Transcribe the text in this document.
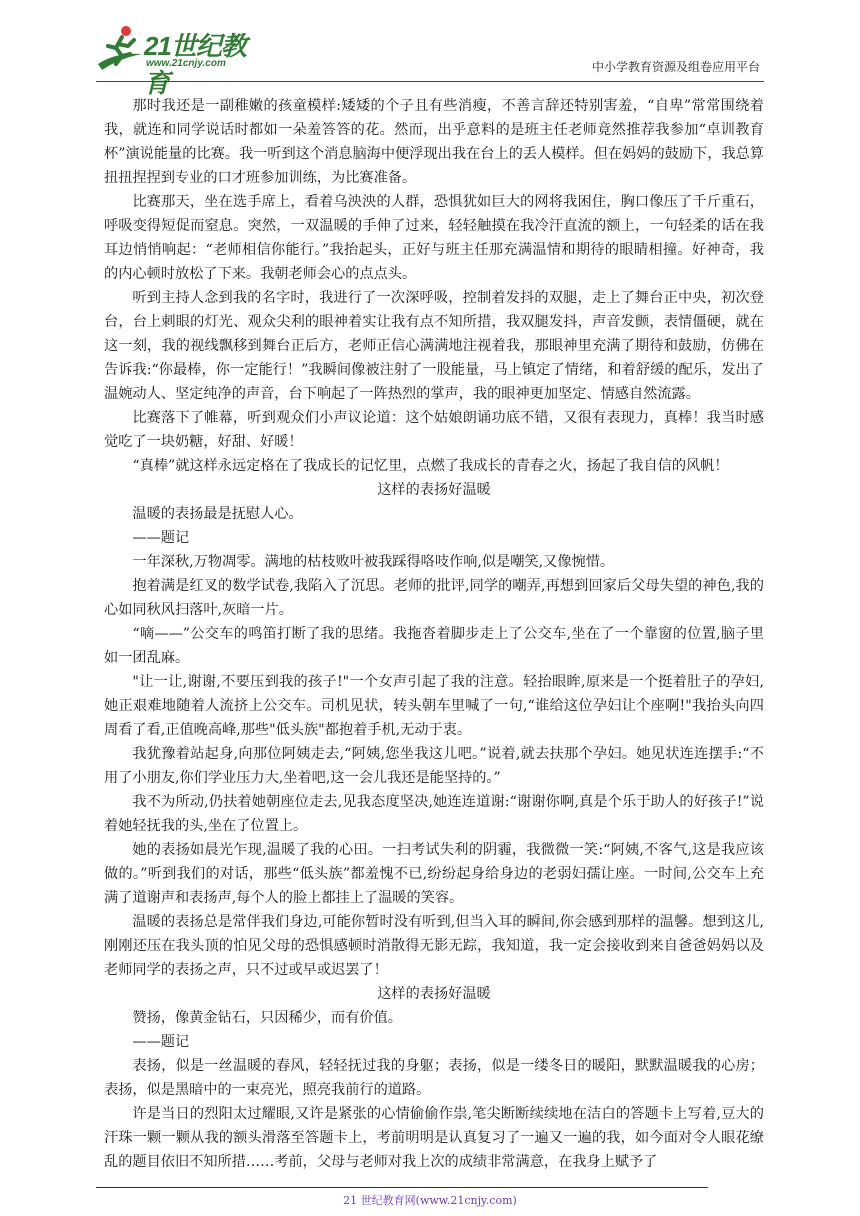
21世纪教育
www.21cnjy.com	中小学教育资源及组卷应用平台

那时我还是一副稚嫩的孩童模样:矮矮的个子且有些消瘦，不善言辞还特别害羞，“自卑”常常围绕着我，就连和同学说话时都如一朵羞答答的花。然而，出乎意料的是班主任老师竟然推荐我参加“卓训教育杯”演说能量的比赛。我一听到这个消息脑海中便浮现出我在台上的丢人模样。但在妈妈的鼓励下，我总算扭扭捏捏到专业的口才班参加训练，为比赛准备。

比赛那天，坐在选手席上，看着乌泱泱的人群，恐惧犹如巨大的网将我困住，胸口像压了千斤重石，呼吸变得短促而窒息。突然，一双温暖的手伸了过来，轻轻触摸在我冷汗直流的额上，一句轻柔的话在我耳边悄悄响起：“老师相信你能行。”我抬起头，正好与班主任那充满温情和期待的眼睛相撞。好神奇，我的内心顿时放松了下来。我朝老师会心的点点头。

听到主持人念到我的名字时，我进行了一次深呼吸，控制着发抖的双腿，走上了舞台正中央，初次登台，台上刺眼的灯光、观众尖利的眼神着实让我有点不知所措，我双腿发抖，声音发颤，表情僵硬，就在这一刻，我的视线飘移到舞台正后方，老师正信心满满地注视着我，那眼神里充满了期待和鼓励，仿佛在告诉我:“你最棒，你一定能行！”我瞬间像被注射了一股能量，马上镇定了情绪，和着舒缓的配乐，发出了温婉动人、坚定纯净的声音，台下响起了一阵热烈的掌声，我的眼神更加坚定、情感自然流露。

比赛落下了帷幕，听到观众们小声议论道：这个姑娘朗诵功底不错，又很有表现力，真棒！我当时感觉吃了一块奶糖，好甜、好暖！

“真棒”就这样永远定格在了我成长的记忆里，点燃了我成长的青春之火，扬起了我自信的风帆！

这样的表扬好温暖

温暖的表扬最是抚慰人心。

——题记

一年深秋,万物凋零。满地的枯枝败叶被我踩得咯吱作响,似是嘲笑,又像惋惜。

抱着满是红叉的数学试卷,我陷入了沉思。老师的批评,同学的嘲弄,再想到回家后父母失望的神色,我的心如同秋风扫落叶,灰暗一片。

“嘀——”公交车的鸣笛打断了我的思绪。我拖沓着脚步走上了公交车,坐在了一个靠窗的位置,脑子里如一团乱麻。

"让一让,谢谢,不要压到我的孩子!"一个女声引起了我的注意。轻抬眼眸,原来是一个挺着肚子的孕妇,她正艰难地随着人流挤上公交车。司机见状，转头朝车里喊了一句,“谁给这位孕妇让个座啊!"我抬头向四周看了看,正值晚高峰,那些"低头族"都抱着手机,无动于衷。

我犹豫着站起身,向那位阿姨走去,“阿姨,您坐我这儿吧。”说着,就去扶那个孕妇。她见状连连摆手:“不用了小朋友,你们学业压力大,坐着吧,这一会儿我还是能坚持的。”

我不为所动,仍扶着她朝座位走去,见我态度坚决,她连连道谢:“谢谢你啊,真是个乐于助人的好孩子!”说着她轻抚我的头,坐在了位置上。

她的表扬如晨光乍现,温暖了我的心田。一扫考试失利的阴霾，我微微一笑:“阿姨,不客气,这是我应该做的。”听到我们的对话，那些“低头族”都羞愧不已,纷纷起身给身边的老弱妇孺让座。一时间,公交车上充满了道谢声和表扬声,每个人的脸上都挂上了温暖的笑容。

温暖的表扬总是常伴我们身边,可能你暂时没有听到,但当入耳的瞬间,你会感到那样的温馨。想到这儿, 刚刚还压在我头顶的怕见父母的恐惧感顿时消散得无影无踪，我知道，我一定会接收到来自爸爸妈妈以及老师同学的表扬之声，只不过或早或迟罢了！

这样的表扬好温暖

赞扬，像黄金钻石，只因稀少，而有价值。

——题记

表扬，似是一丝温暖的春风，轻轻抚过我的身躯；表扬，似是一缕冬日的暖阳，默默温暖我的心房；表扬，似是黑暗中的一束亮光，照亮我前行的道路。

许是当日的烈阳太过耀眼,又许是紧张的心情偷偷作祟,笔尖断断续续地在洁白的答题卡上写着,豆大的汗珠一颗一颗从我的额头滑落至答题卡上，考前明明是认真复习了一遍又一遍的我，如今面对令人眼花缭乱的题目依旧不知所措……考前，父母与老师对我上次的成绩非常满意，在我身上赋予了

21 世纪教育网(www.21cnjy.com)
